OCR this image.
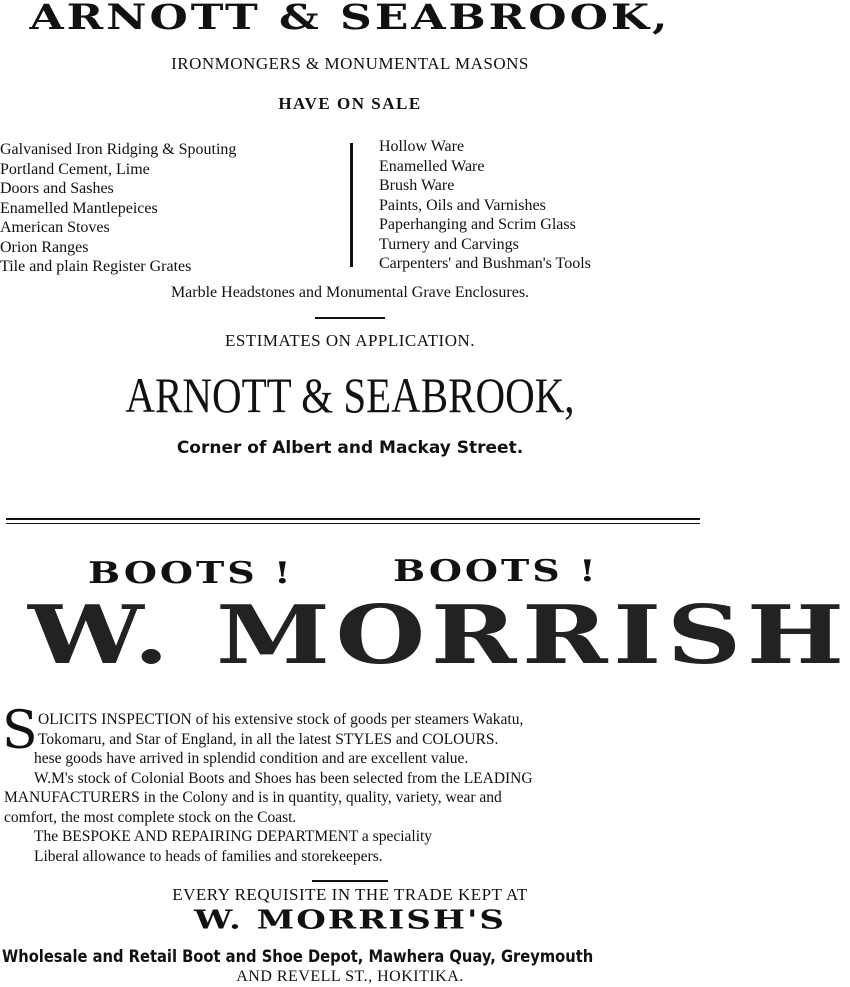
ARNOTT & SEABROOK,
IRONMONGERS & MONUMENTAL MASONS
HAVE ON SALE
Galvanised Iron Ridging & Spouting
Portland Cement, Lime
Doors and Sashes
Enamelled Mantlepeices
American Stoves
Orion Ranges
Tile and plain Register Grates
Hollow Ware
Enamelled Ware
Brush Ware
Paints, Oils and Varnishes
Paperhanging and Scrim Glass
Turnery and Carvings
Carpenters' and Bushman's Tools
Marble Headstones and Monumental Grave Enclosures.
ESTIMATES ON APPLICATION.
ARNOTT & SEABROOK,
Corner of Albert and Mackay Street.
BOOTS !	BOOTS !
W. MORRISH
S OLICITS INSPECTION of his extensive stock of goods per steamers Wakatu,
Tokomaru, and Star of England, in all the latest STYLES and COLOURS.
hese goods have arrived in splendid condition and are excellent value.
W.M's stock of Colonial Boots and Shoes has been selected from the LEADING
MANUFACTURERS in the Colony and is in quantity, quality, variety, wear and
comfort, the most complete stock on the Coast.
The BESPOKE AND REPAIRING DEPARTMENT a speciality
Liberal allowance to heads of families and storekeepers.
EVERY REQUISITE IN THE TRADE KEPT AT
W. MORRISH'S
Wholesale and Retail Boot and Shoe Depot, Mawhera Quay, Greymouth
AND REVELL ST., HOKITIKA.
